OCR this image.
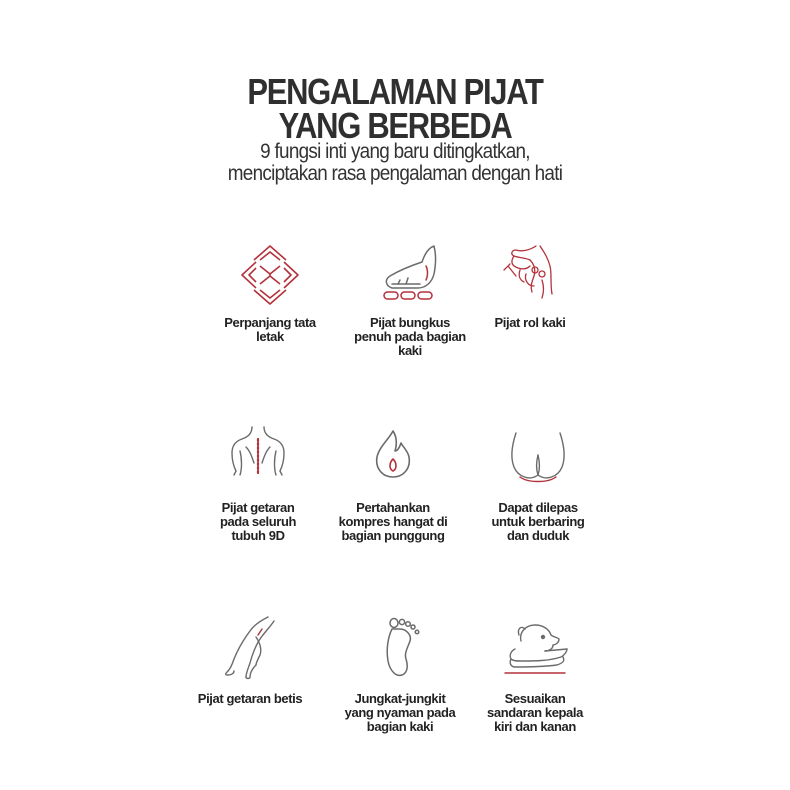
PENGALAMAN PIJAT
YANG BERBEDA
9 fungsi inti yang baru ditingkatkan,
menciptakan rasa pengalaman dengan hati
Perpanjang tata
letak
Pijat bungkus
penuh pada bagian
kaki
Pijat rol kaki
Pijat getaran
pada seluruh
tubuh 9D
Pertahankan
kompres hangat di
bagian punggung
Dapat dilepas
untuk berbaring
dan duduk
Pijat getaran betis	Jungkat-jungkit
yang nyaman pada
bagian kaki
Sesuaikan
sandaran kepala
kiri dan kanan
